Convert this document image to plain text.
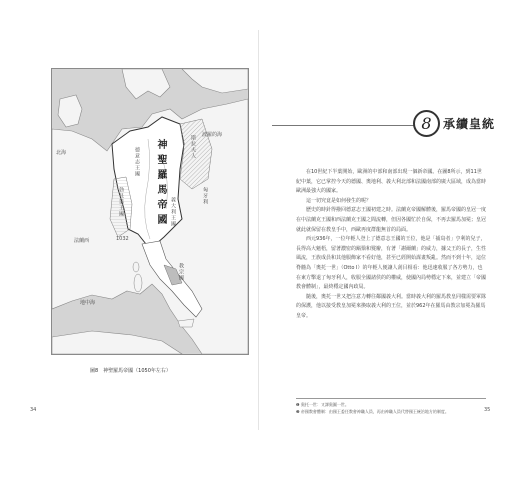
北海
波羅的海
德意志王國	斯拉夫人
匈牙利
神聖羅馬帝國 義大利王國
勃艮第王國
法蘭西
教宗國
地中海
1032
圖8　神聖羅馬帝國（1050年左右）
34
8 承續皇統

在10世紀下半葉開始，歐洲的中部和南部出現一個新帝國。在圖8所示，到11世紀中葉，它已掌控今天的德國、奧地利、義大利北部和法國南部的廣大區域，成為當時歐洲最強大的國家。

這一切究竟是如何發生的呢？

歷史的時針得撥回德意志王國初建之時。法蘭克帝國解體後，羅馬帝國的皇冠一度在中法蘭克王國和西法蘭克王國之間流轉，但因各國忙於自保，不再去羅馬加冕；皇冠就此就保留在教皇手中，西歐再度群龍無首的局面。

西元936年，一位年輕人登上了德意志王國的王位，他是「捕鳥者」亨利的兒子，長得高大魁梧，留著濃密的鬍鬚和髮辮，有著「謝爾蘭」的威力，據父王的長子，生性風流，王族成員和其他服飾家不看好他，甚至已經開始謀畫叛亂。然而不到十年，這位脊髓為「奧托一世」（Otto I）的年輕人便讓人刮目相看：他迅速收服了各方勢力，也在東方擊退了匈牙利人，收服全國諸侯的的權威，使國內局勢穩定下來，並建立「帝國教會體制」，最終穩定國內政局。

隨後，奧托一世又把注意力轉往鄰國義大利。當時義大利的羅馬教皇同樣需要軍隊的保護，他以接受教皇加冕來換取義大利的王位，並於962年在羅馬由教宗加冕為羅馬皇帝。

❶ 奧托一世：又譯奧圖一世。
❷ 帝國教會體制：由國王委任教會神職人員，再由神職人員代替國王統治地方的制度。	35
